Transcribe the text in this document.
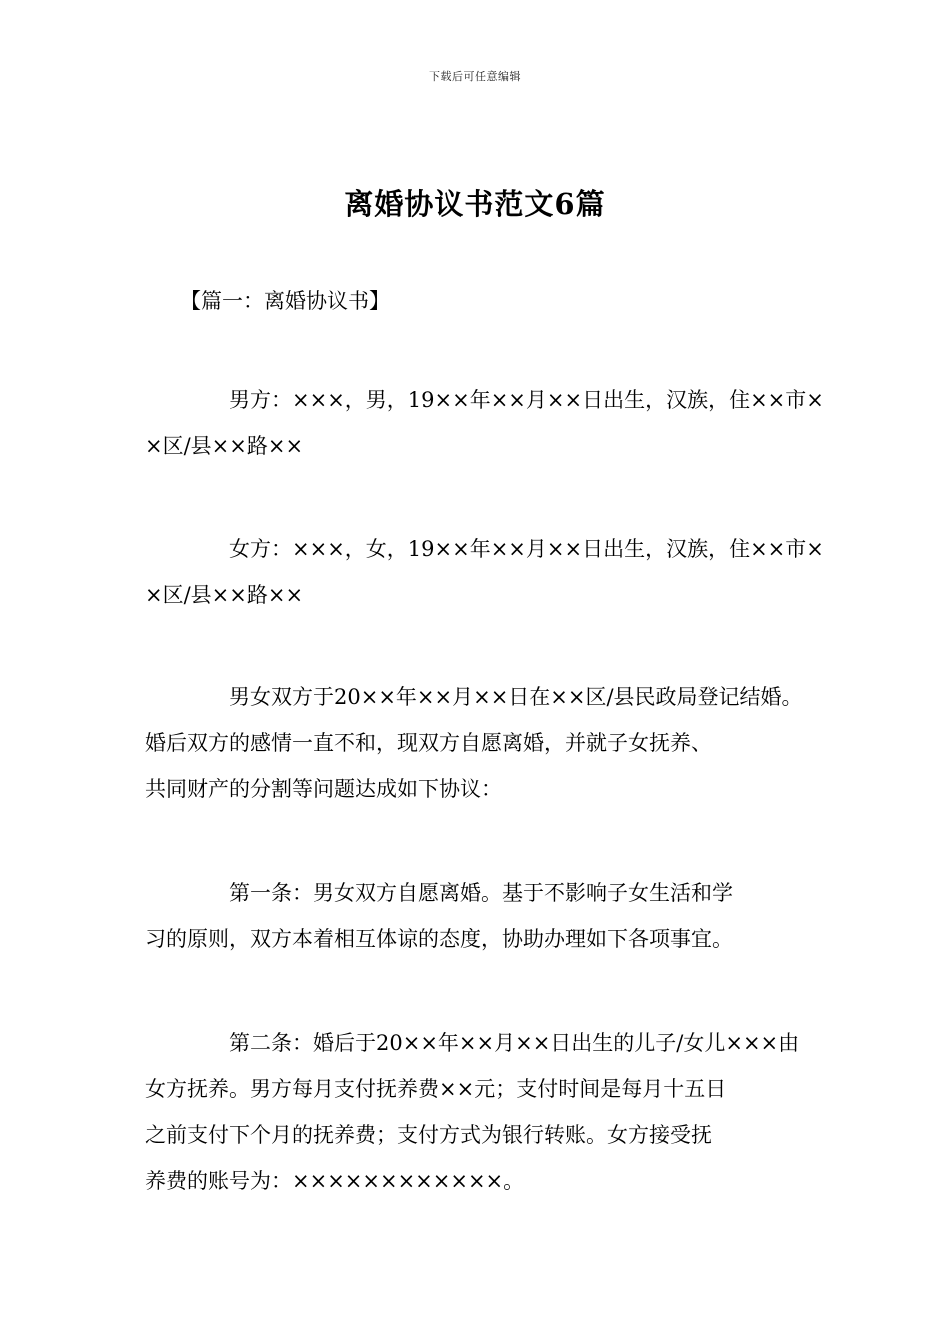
下载后可任意编辑
离婚协议书范文6篇
【篇一：离婚协议书】
男方：×××，男，19××年××月××日出生，汉族，住××市×
×区/县××路××
女方：×××，女，19××年××月××日出生，汉族，住××市×
×区/县××路××
男女双方于20××年××月××日在××区/县民政局登记结婚。
婚后双方的感情一直不和，现双方自愿离婚，并就子女抚养、
共同财产的分割等问题达成如下协议：
第一条：男女双方自愿离婚。基于不影响子女生活和学
习的原则，双方本着相互体谅的态度，协助办理如下各项事宜。
第二条：婚后于20××年××月××日出生的儿子/女儿×××由
女方抚养。男方每月支付抚养费××元；支付时间是每月十五日
之前支付下个月的抚养费；支付方式为银行转账。女方接受抚
养费的账号为：××××××××××××。
